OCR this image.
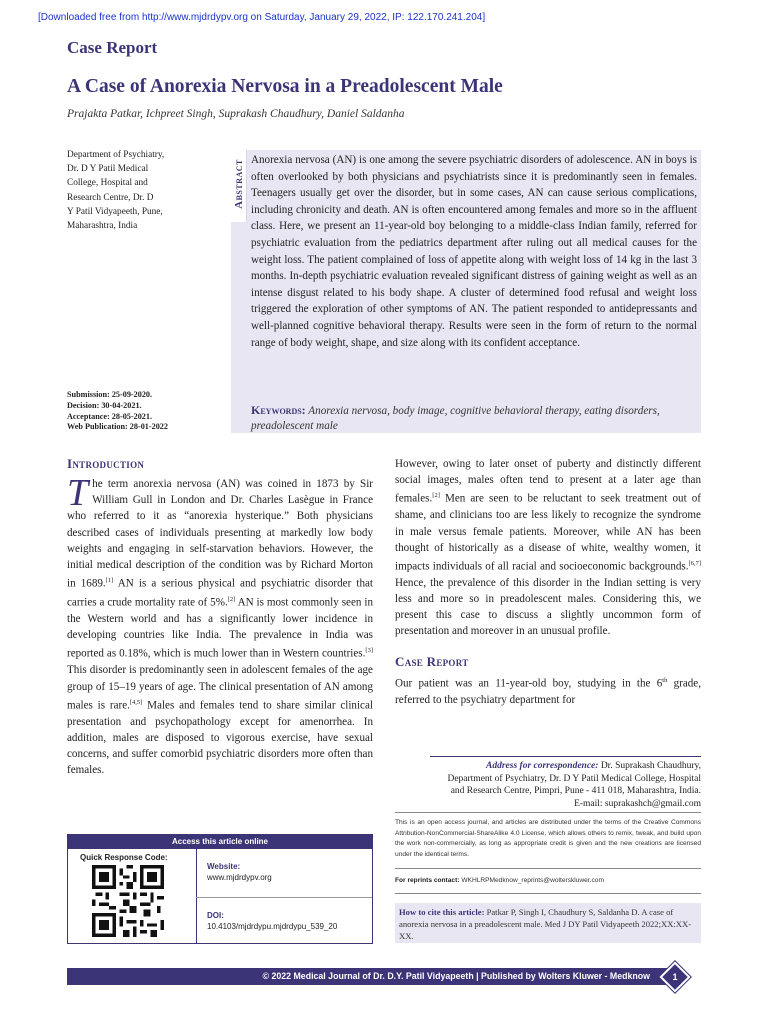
[Downloaded free from http://www.mjdrdypv.org on Saturday, January 29, 2022, IP: 122.170.241.204]
Case Report
A Case of Anorexia Nervosa in a Preadolescent Male
Prajakta Patkar, Ichpreet Singh, Suprakash Chaudhury, Daniel Saldanha
Department of Psychiatry,
Dr. D Y Patil Medical
College, Hospital and
Research Centre, Dr. D
Y Patil Vidyapeeth, Pune,
Maharashtra, India
Submission: 25-09-2020.
Decision: 30-04-2021.
Acceptance: 28-05-2021.
Web Publication: 28-01-2022
Abstract Anorexia nervosa (AN) is one among the severe psychiatric disorders of adolescence. AN in boys is often overlooked by both physicians and psychiatrists since it is predominantly seen in females. Teenagers usually get over the disorder, but in some cases, AN can cause serious complications, including chronicity and death. AN is often encountered among females and more so in the affluent class. Here, we present an 11-year-old boy belonging to a middle-class Indian family, referred for psychiatric evaluation from the pediatrics department after ruling out all medical causes for the weight loss. The patient complained of loss of appetite along with weight loss of 14 kg in the last 3 months. In-depth psychiatric evaluation revealed significant distress of gaining weight as well as an intense disgust related to his body shape. A cluster of determined food refusal and weight loss triggered the exploration of other symptoms of AN. The patient responded to antidepressants and well-planned cognitive behavioral therapy. Results were seen in the form of return to the normal range of body weight, shape, and size along with its confident acceptance.
Keywords: Anorexia nervosa, body image, cognitive behavioral therapy, eating disorders, preadolescent male
Introduction
The term anorexia nervosa (AN) was coined in 1873 by Sir William Gull in London and Dr. Charles Lasègue in France who referred to it as “anorexia hysterique.” Both physicians described cases of individuals presenting at markedly low body weights and engaging in self-starvation behaviors. However, the initial medical description of the condition was by Richard Morton in 1689.[1] AN is a serious physical and psychiatric disorder that carries a crude mortality rate of 5%.[2] AN is most commonly seen in the Western world and has a significantly lower incidence in developing countries like India. The prevalence in India was reported as 0.18%, which is much lower than in Western countries.[3] This disorder is predominantly seen in adolescent females of the age group of 15–19 years of age. The clinical presentation of AN among males is rare.[4,5] Males and females tend to share similar clinical presentation and psychopathology except for amenorrhea. In addition, males are disposed to vigorous exercise, have sexual concerns, and suffer comorbid psychiatric disorders more often than females.
However, owing to later onset of puberty and distinctly different social images, males often tend to present at a later age than females.[2] Men are seen to be reluctant to seek treatment out of shame, and clinicians too are less likely to recognize the syndrome in male versus female patients. Moreover, while AN has been thought of historically as a disease of white, wealthy women, it impacts individuals of all racial and socioeconomic backgrounds.[6,7] Hence, the prevalence of this disorder in the Indian setting is very less and more so in preadolescent males. Considering this, we present this case to discuss a slightly uncommon form of presentation and moreover in an unusual profile.
Case Report
Our patient was an 11-year-old boy, studying in the 6th grade, referred to the psychiatry department for
Access this article online
Quick Response Code:
Website:
www.mjdrdypv.org
DOI:
10.4103/mjdrdypu.mjdrdypu_539_20
Address for correspondence: Dr. Suprakash Chaudhury,
Department of Psychiatry, Dr. D Y Patil Medical College, Hospital
and Research Centre, Pimpri, Pune - 411 018, Maharashtra, India.
E-mail: suprakashch@gmail.com
This is an open access journal, and articles are distributed under the terms of the Creative Commons Attribution-NonCommercial-ShareAlike 4.0 License, which allows others to remix, tweak, and build upon the work non-commercially, as long as appropriate credit is given and the new creations are licensed under the identical terms.
For reprints contact: WKHLRPMedknow_reprints@wolterskluwer.com
How to cite this article: Patkar P, Singh I, Chaudhury S, Saldanha D. A case of anorexia nervosa in a preadolescent male. Med J DY Patil Vidyapeeth 2022;XX:XX-XX.
© 2022 Medical Journal of Dr. D.Y. Patil Vidyapeeth | Published by Wolters Kluwer - Medknow	1
